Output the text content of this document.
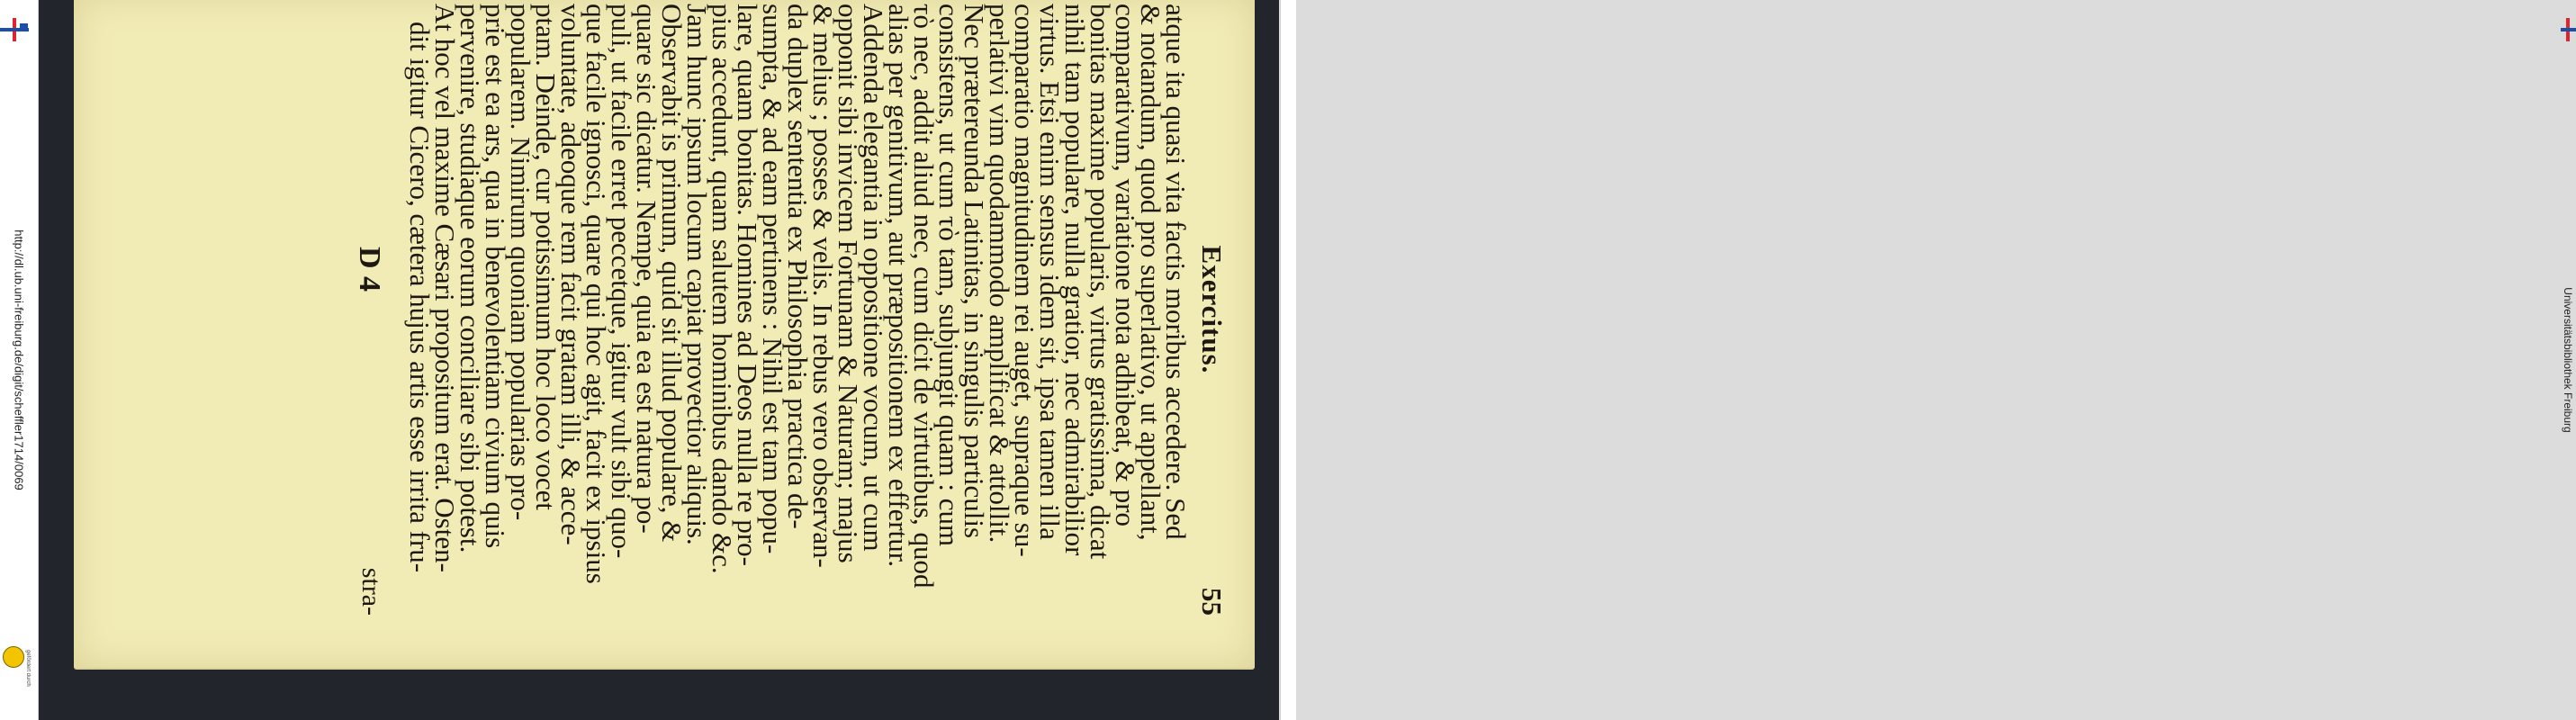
http://dl.ub.uni-freiburg.de/digit/scheffler1714/0069
gefördert durch
Exercitus.
55
atque ita quasi vita factis moribus accedere. Sed
& notandum, quod pro superlativo, ut appellant,
comparativum, variatione nota adhibeat, & pro
bonitas maxime popularis, virtus gratissima, dicat
nihil tam populare, nulla gratior, nec admirabilior
virtus. Etsi enim sensus idem sit, ipsa tamen illa
comparatio magnitudinem rei auget, supraque su-
perlativi vim quodammodo amplificat & attollit.
Nec prætereunda Latinitas, in singulis particulis
consistens, ut cum τὸ tam, subjungit quam : cum
τὸ nec, addit aliud nec, cum dicit de virtutibus, quod
alias per genitivum, aut præpositionem ex effertur.
Addenda elegantia in oppositione vocum, ut cum
opponit sibi invicem Fortunam & Naturam; majus
& melius ; posses & velis. In rebus vero observan-
da duplex sententia ex Philosophia practica de-
sumpta, & ad eam pertinens : Nihil est tam popu-
lare, quam bonitas. Homines ad Deos nulla re pro-
pius accedunt, quam salutem hominibus dando &c.
Jam hunc ipsum locum capiat provectior aliquis.
Observabit is primum, quid sit illud populare, &
quare sic dicatur. Nempe, quia ea est natura po-
puli, ut facile erret peccetque, igitur vult sibi quo-
que facile ignosci, quare qui hoc agit, facit ex ipsius
voluntate, adeoque rem facit gratam illi, & acce-
ptam. Deinde, cur potissimum hoc loco vocet
popularem. Nimirum quoniam popularias pro-
prie est ea ars, qua in benevolentiam civium quis
pervenire, studiaque eorum conciliare sibi potest.
At hoc vel maxime Cæsari propositum erat. Osten-
dit igitur Cicero, cætera hujus artis esse irrita fru-
D 4
stra-
Universitätsbibliothek Freiburg
